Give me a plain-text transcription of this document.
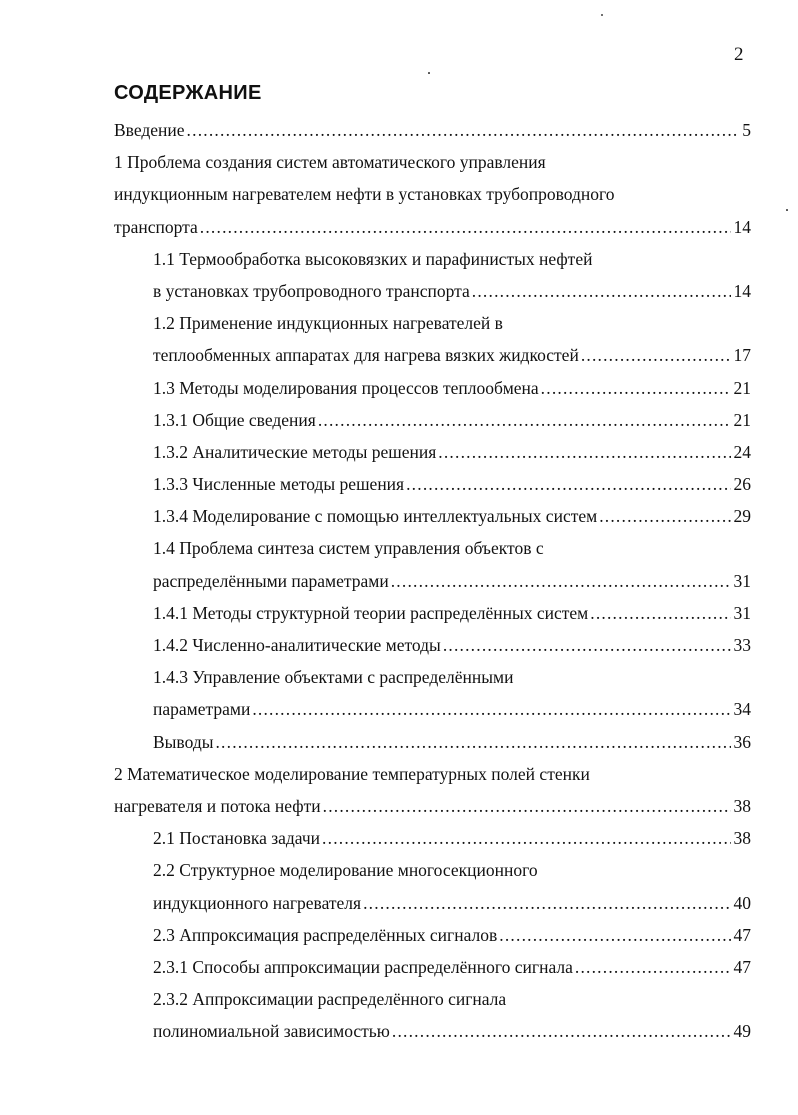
2
СОДЕРЖАНИЕ
Введение .....	5
1 Проблема создания систем автоматического управления
индукционным нагревателем нефти в установках трубопроводного
транспорта .....	14
1.1 Термообработка высоковязких и парафинистых нефтей
в установках трубопроводного транспорта .....	14
1.2 Применение индукционных нагревателей в
теплообменных аппаратах для нагрева вязких жидкостей .....	17
1.3 Методы моделирования процессов теплообмена .....	21
1.3.1 Общие сведения .....	21
1.3.2 Аналитические методы решения .....	24
1.3.3 Численные методы решения .....	26
1.3.4 Моделирование с помощью интеллектуальных систем .....	29
1.4 Проблема синтеза систем управления объектов с
распределёнными параметрами .....	31
1.4.1 Методы структурной теории распределённых систем .....	31
1.4.2 Численно-аналитические методы .....	33
1.4.3 Управление объектами с распределёнными
параметрами .....	34
Выводы .....	36
2 Математическое моделирование температурных полей стенки
нагревателя и потока нефти .....	38
2.1 Постановка задачи .....	38
2.2 Структурное моделирование многосекционного
индукционного нагревателя .....	40
2.3 Аппроксимация распределённых сигналов .....	47
2.3.1 Способы аппроксимации распределённого сигнала .....	47
2.3.2 Аппроксимации распределённого сигнала
полиномиальной зависимостью .....	49
